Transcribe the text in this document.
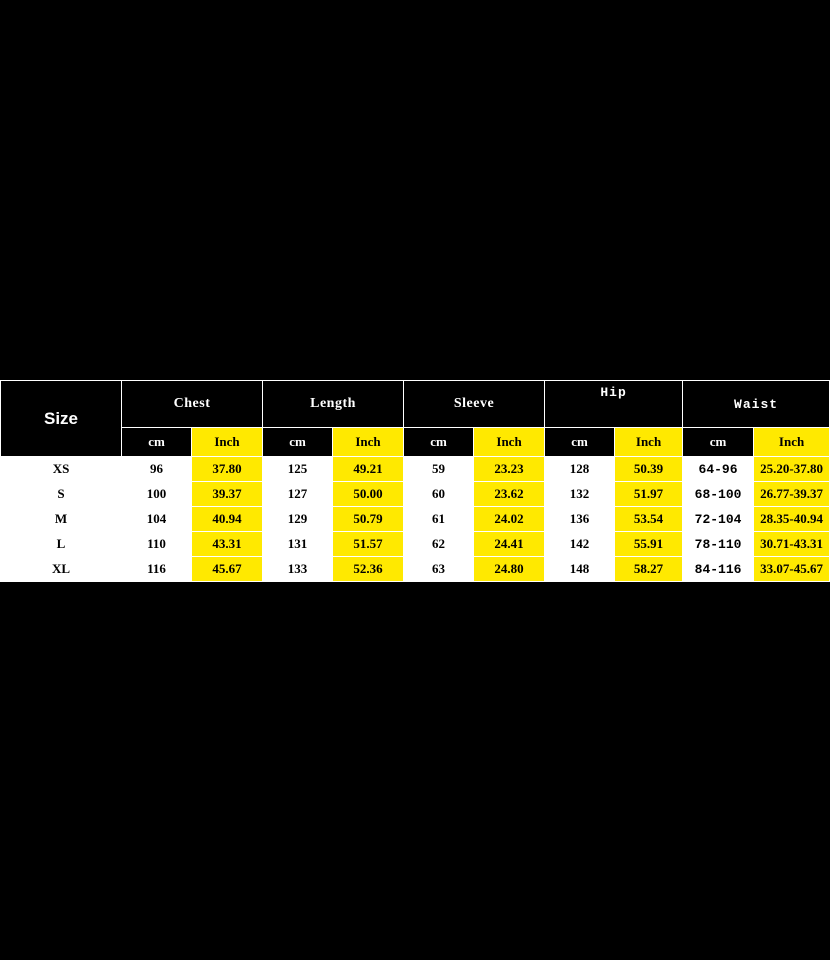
Size	Chest		Length		Sleeve		Hip		Waist	
	cm	Inch	cm	Inch	cm	Inch	cm	Inch	cm	Inch
XS	96	37.80	125	49.21	59	23.23	128	50.39	64-96	25.20-37.80
S	100	39.37	127	50.00	60	23.62	132	51.97	68-100	26.77-39.37
M	104	40.94	129	50.79	61	24.02	136	53.54	72-104	28.35-40.94
L	110	43.31	131	51.57	62	24.41	142	55.91	78-110	30.71-43.31
XL	116	45.67	133	52.36	63	24.80	148	58.27	84-116	33.07-45.67
